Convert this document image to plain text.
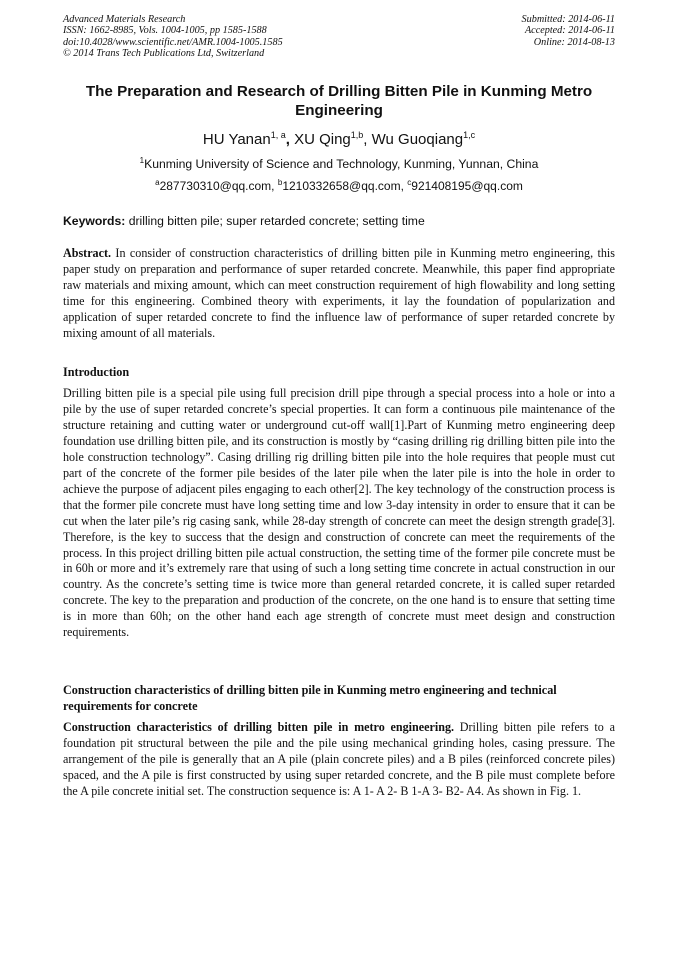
Advanced Materials Research
ISSN: 1662-8985, Vols. 1004-1005, pp 1585-1588
doi:10.4028/www.scientific.net/AMR.1004-1005.1585
© 2014 Trans Tech Publications Ltd, Switzerland
Submitted: 2014-06-11
Accepted: 2014-06-11
Online: 2014-08-13
The Preparation and Research of Drilling Bitten Pile in Kunming Metro Engineering
HU Yanan$^{1, a}$, XU Qing$^{1,b}$, Wu Guoqiang$^{1,c}$
$^1$Kunming University of Science and Technology, Kunming, Yunnan, China
$^a$287730310@qq.com, $^b$1210332658@qq.com, $^c$921408195@qq.com
Keywords: drilling bitten pile; super retarded concrete; setting time
Abstract. In consider of construction characteristics of drilling bitten pile in Kunming metro engineering, this paper study on preparation and performance of super retarded concrete. Meanwhile, this paper find appropriate raw materials and mixing amount, which can meet construction requirement of high flowability and long setting time for this engineering. Combined theory with experiments, it lay the foundation of popularization and application of super retarded concrete to find the influence law of performance of super retarded concrete by mixing amount of all materials.
Introduction
Drilling bitten pile is a special pile using full precision drill pipe through a special process into a hole or into a pile by the use of super retarded concrete’s special properties. It can form a continuous pile maintenance of the structure retaining and cutting water or underground cut-off wall[1].Part of Kunming metro engineering deep foundation use drilling bitten pile, and its construction is mostly by “casing drilling rig drilling bitten pile into the hole construction technology”. Casing drilling rig drilling bitten pile into the hole requires that people must cut part of the concrete of the former pile besides of the later pile when the later pile is into the hole in order to achieve the purpose of adjacent piles engaging to each other[2]. The key technology of the construction process is that the former pile concrete must have long setting time and low 3-day intensity in order to ensure that it can be cut when the later pile’s rig casing sank, while 28-day strength of concrete can meet the design strength grade[3]. Therefore, is the key to success that the design and construction of concrete can meet the requirements of the process. In this project drilling bitten pile actual construction, the setting time of the former pile concrete must be in 60h or more and it’s extremely rare that using of such a long setting time concrete in actual construction in our country. As the concrete’s setting time is twice more than general retarded concrete, it is called super retarded concrete. The key to the preparation and production of the concrete, on the one hand is to ensure that setting time is in more than 60h; on the other hand each age strength of concrete must meet design and construction requirements.
Construction characteristics of drilling bitten pile in Kunming metro engineering and technical requirements for concrete
Construction characteristics of drilling bitten pile in metro engineering. Drilling bitten pile refers to a foundation pit structural between the pile and the pile using mechanical grinding holes, casing pressure. The arrangement of the pile is generally that an A pile (plain concrete piles) and a B piles (reinforced concrete piles) spaced, and the A pile is first constructed by using super retarded concrete, and the B pile must complete before the A pile concrete initial set. The construction sequence is: A 1- A 2- B 1-A 3- B2- A4. As shown in Fig. 1.
